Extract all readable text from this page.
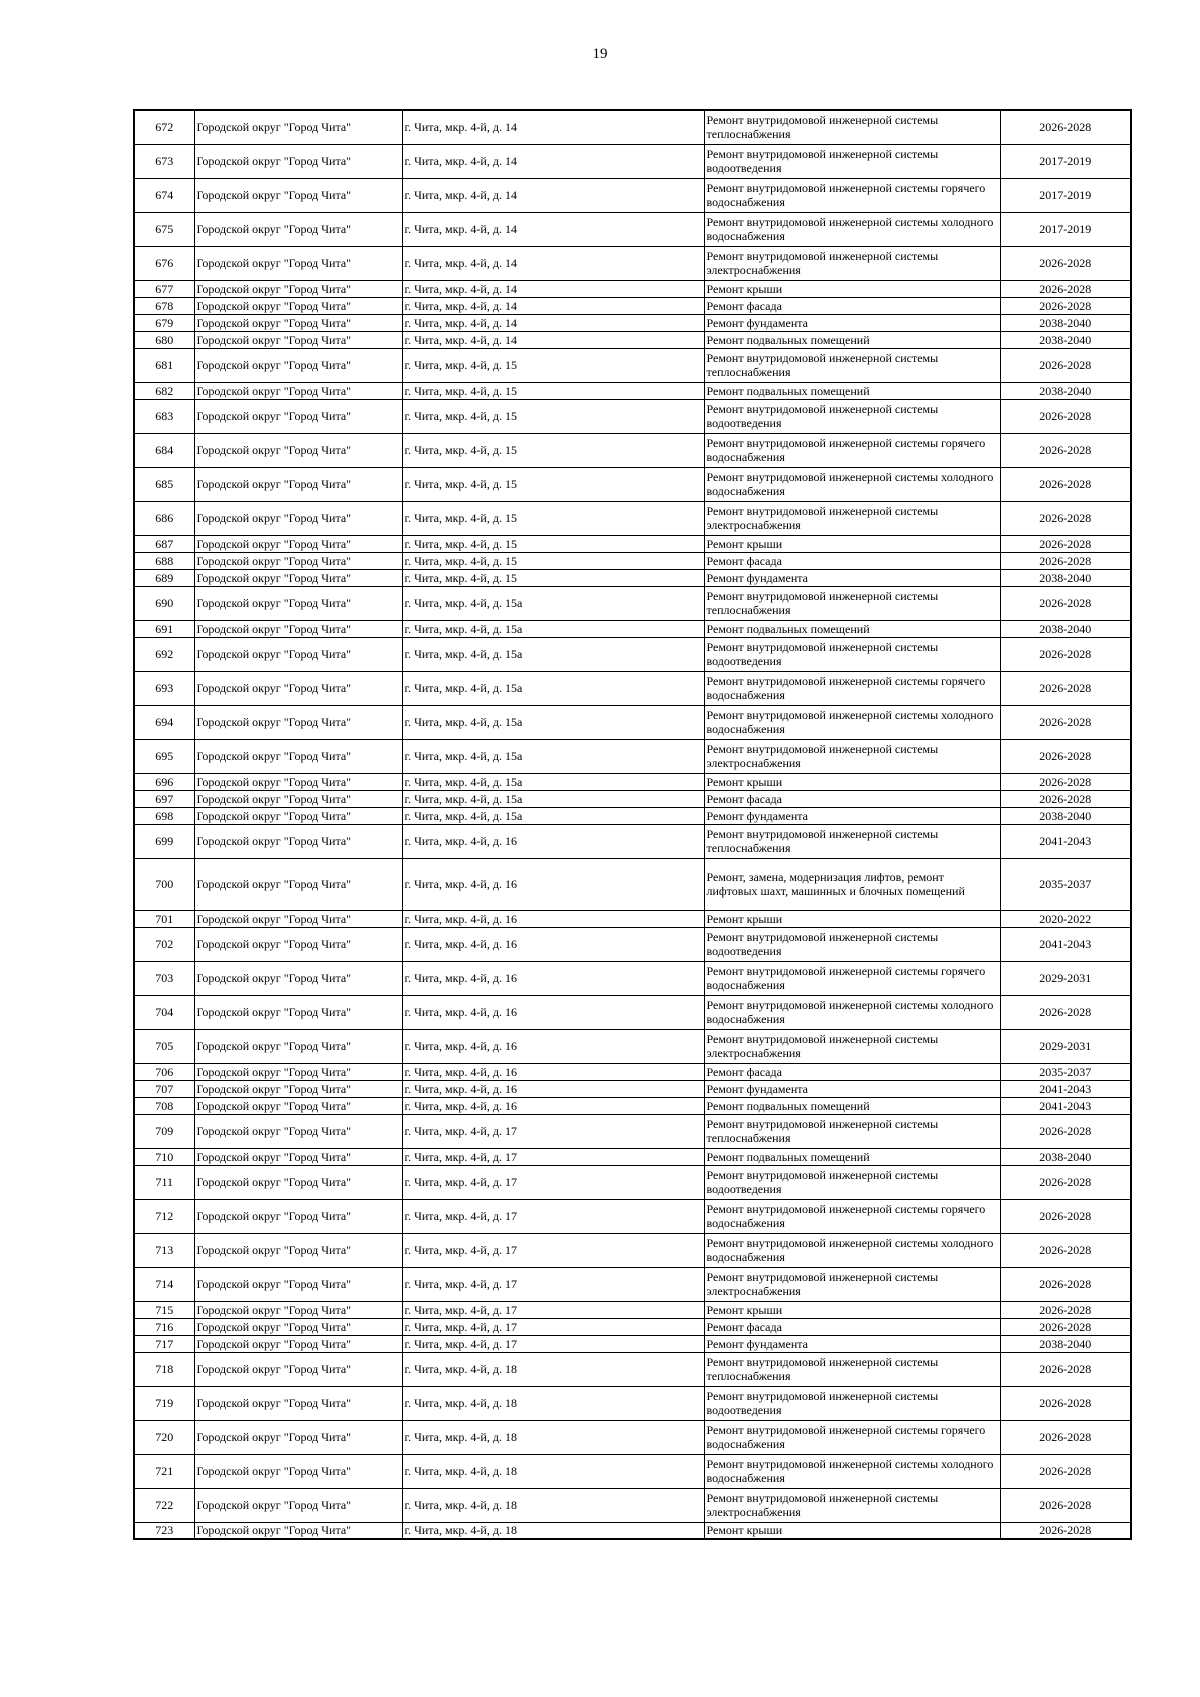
19
672	Городской округ "Город Чита"	г. Чита, мкр. 4-й, д. 14	Ремонт внутридомовой инженерной системы теплоснабжения	2026-2028
673	Городской округ "Город Чита"	г. Чита, мкр. 4-й, д. 14	Ремонт внутридомовой инженерной системы водоотведения	2017-2019
674	Городской округ "Город Чита"	г. Чита, мкр. 4-й, д. 14	Ремонт внутридомовой инженерной системы горячего водоснабжения	2017-2019
675	Городской округ "Город Чита"	г. Чита, мкр. 4-й, д. 14	Ремонт внутридомовой инженерной системы холодного водоснабжения	2017-2019
676	Городской округ "Город Чита"	г. Чита, мкр. 4-й, д. 14	Ремонт внутридомовой инженерной системы электроснабжения	2026-2028
677	Городской округ "Город Чита"	г. Чита, мкр. 4-й, д. 14	Ремонт крыши	2026-2028
678	Городской округ "Город Чита"	г. Чита, мкр. 4-й, д. 14	Ремонт фасада	2026-2028
679	Городской округ "Город Чита"	г. Чита, мкр. 4-й, д. 14	Ремонт фундамента	2038-2040
680	Городской округ "Город Чита"	г. Чита, мкр. 4-й, д. 14	Ремонт подвальных помещений	2038-2040
681	Городской округ "Город Чита"	г. Чита, мкр. 4-й, д. 15	Ремонт внутридомовой инженерной системы теплоснабжения	2026-2028
682	Городской округ "Город Чита"	г. Чита, мкр. 4-й, д. 15	Ремонт подвальных помещений	2038-2040
683	Городской округ "Город Чита"	г. Чита, мкр. 4-й, д. 15	Ремонт внутридомовой инженерной системы водоотведения	2026-2028
684	Городской округ "Город Чита"	г. Чита, мкр. 4-й, д. 15	Ремонт внутридомовой инженерной системы горячего водоснабжения	2026-2028
685	Городской округ "Город Чита"	г. Чита, мкр. 4-й, д. 15	Ремонт внутридомовой инженерной системы холодного водоснабжения	2026-2028
686	Городской округ "Город Чита"	г. Чита, мкр. 4-й, д. 15	Ремонт внутридомовой инженерной системы электроснабжения	2026-2028
687	Городской округ "Город Чита"	г. Чита, мкр. 4-й, д. 15	Ремонт крыши	2026-2028
688	Городской округ "Город Чита"	г. Чита, мкр. 4-й, д. 15	Ремонт фасада	2026-2028
689	Городской округ "Город Чита"	г. Чита, мкр. 4-й, д. 15	Ремонт фундамента	2038-2040
690	Городской округ "Город Чита"	г. Чита, мкр. 4-й, д. 15а	Ремонт внутридомовой инженерной системы теплоснабжения	2026-2028
691	Городской округ "Город Чита"	г. Чита, мкр. 4-й, д. 15а	Ремонт подвальных помещений	2038-2040
692	Городской округ "Город Чита"	г. Чита, мкр. 4-й, д. 15а	Ремонт внутридомовой инженерной системы водоотведения	2026-2028
693	Городской округ "Город Чита"	г. Чита, мкр. 4-й, д. 15а	Ремонт внутридомовой инженерной системы горячего водоснабжения	2026-2028
694	Городской округ "Город Чита"	г. Чита, мкр. 4-й, д. 15а	Ремонт внутридомовой инженерной системы холодного водоснабжения	2026-2028
695	Городской округ "Город Чита"	г. Чита, мкр. 4-й, д. 15а	Ремонт внутридомовой инженерной системы электроснабжения	2026-2028
696	Городской округ "Город Чита"	г. Чита, мкр. 4-й, д. 15а	Ремонт крыши	2026-2028
697	Городской округ "Город Чита"	г. Чита, мкр. 4-й, д. 15а	Ремонт фасада	2026-2028
698	Городской округ "Город Чита"	г. Чита, мкр. 4-й, д. 15а	Ремонт фундамента	2038-2040
699	Городской округ "Город Чита"	г. Чита, мкр. 4-й, д. 16	Ремонт внутридомовой инженерной системы теплоснабжения	2041-2043
700	Городской округ "Город Чита"	г. Чита, мкр. 4-й, д. 16	Ремонт, замена, модернизация лифтов, ремонт лифтовых шахт, машинных и блочных помещений	2035-2037
701	Городской округ "Город Чита"	г. Чита, мкр. 4-й, д. 16	Ремонт крыши	2020-2022
702	Городской округ "Город Чита"	г. Чита, мкр. 4-й, д. 16	Ремонт внутридомовой инженерной системы водоотведения	2041-2043
703	Городской округ "Город Чита"	г. Чита, мкр. 4-й, д. 16	Ремонт внутридомовой инженерной системы горячего водоснабжения	2029-2031
704	Городской округ "Город Чита"	г. Чита, мкр. 4-й, д. 16	Ремонт внутридомовой инженерной системы холодного водоснабжения	2026-2028
705	Городской округ "Город Чита"	г. Чита, мкр. 4-й, д. 16	Ремонт внутридомовой инженерной системы электроснабжения	2029-2031
706	Городской округ "Город Чита"	г. Чита, мкр. 4-й, д. 16	Ремонт фасада	2035-2037
707	Городской округ "Город Чита"	г. Чита, мкр. 4-й, д. 16	Ремонт фундамента	2041-2043
708	Городской округ "Город Чита"	г. Чита, мкр. 4-й, д. 16	Ремонт подвальных помещений	2041-2043
709	Городской округ "Город Чита"	г. Чита, мкр. 4-й, д. 17	Ремонт внутридомовой инженерной системы теплоснабжения	2026-2028
710	Городской округ "Город Чита"	г. Чита, мкр. 4-й, д. 17	Ремонт подвальных помещений	2038-2040
711	Городской округ "Город Чита"	г. Чита, мкр. 4-й, д. 17	Ремонт внутридомовой инженерной системы водоотведения	2026-2028
712	Городской округ "Город Чита"	г. Чита, мкр. 4-й, д. 17	Ремонт внутридомовой инженерной системы горячего водоснабжения	2026-2028
713	Городской округ "Город Чита"	г. Чита, мкр. 4-й, д. 17	Ремонт внутридомовой инженерной системы холодного водоснабжения	2026-2028
714	Городской округ "Город Чита"	г. Чита, мкр. 4-й, д. 17	Ремонт внутридомовой инженерной системы электроснабжения	2026-2028
715	Городской округ "Город Чита"	г. Чита, мкр. 4-й, д. 17	Ремонт крыши	2026-2028
716	Городской округ "Город Чита"	г. Чита, мкр. 4-й, д. 17	Ремонт фасада	2026-2028
717	Городской округ "Город Чита"	г. Чита, мкр. 4-й, д. 17	Ремонт фундамента	2038-2040
718	Городской округ "Город Чита"	г. Чита, мкр. 4-й, д. 18	Ремонт внутридомовой инженерной системы теплоснабжения	2026-2028
719	Городской округ "Город Чита"	г. Чита, мкр. 4-й, д. 18	Ремонт внутридомовой инженерной системы водоотведения	2026-2028
720	Городской округ "Город Чита"	г. Чита, мкр. 4-й, д. 18	Ремонт внутридомовой инженерной системы горячего водоснабжения	2026-2028
721	Городской округ "Город Чита"	г. Чита, мкр. 4-й, д. 18	Ремонт внутридомовой инженерной системы холодного водоснабжения	2026-2028
722	Городской округ "Город Чита"	г. Чита, мкр. 4-й, д. 18	Ремонт внутридомовой инженерной системы электроснабжения	2026-2028
723	Городской округ "Город Чита"	г. Чита, мкр. 4-й, д. 18	Ремонт крыши	2026-2028
